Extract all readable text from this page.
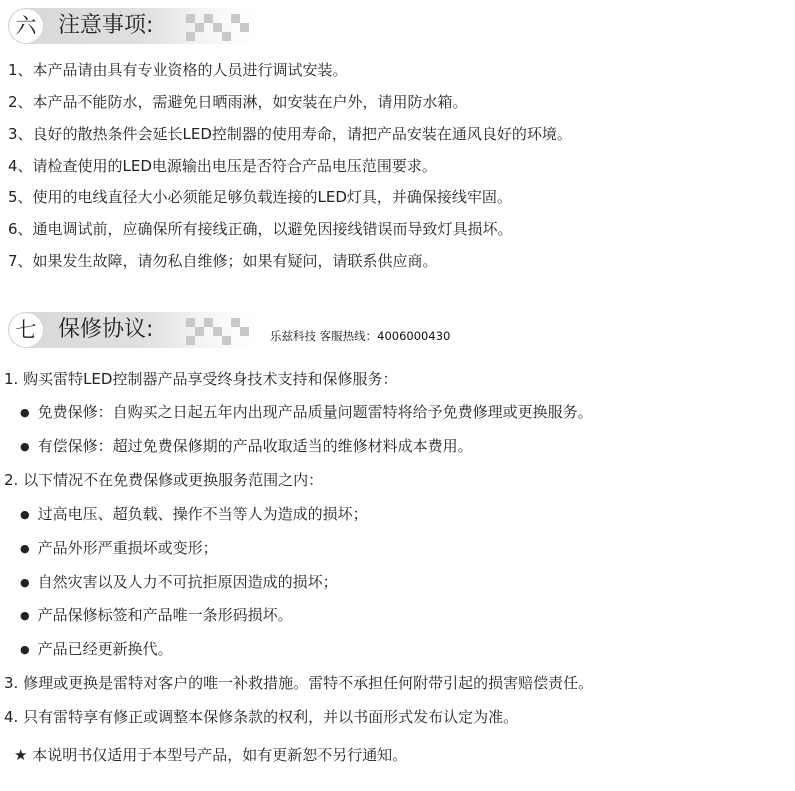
六 注意事项:
1、本产品请由具有专业资格的人员进行调试安装。
2、本产品不能防水，需避免日晒雨淋，如安装在户外，请用防水箱。
3、良好的散热条件会延长LED控制器的使用寿命，请把产品安装在通风良好的环境。
4、请检查使用的LED电源输出电压是否符合产品电压范围要求。
5、使用的电线直径大小必须能足够负载连接的LED灯具，并确保接线牢固。
6、通电调试前，应确保所有接线正确，以避免因接线错误而导致灯具损坏。
7、如果发生故障，请勿私自维修；如果有疑问，请联系供应商。
七 保修协议:	乐兹科技 客服热线：4006000430
1. 购买雷特LED控制器产品享受终身技术支持和保修服务：
● 免费保修：自购买之日起五年内出现产品质量问题雷特将给予免费修理或更换服务。
● 有偿保修：超过免费保修期的产品收取适当的维修材料成本费用。
2. 以下情况不在免费保修或更换服务范围之内：
● 过高电压、超负载、操作不当等人为造成的损坏；
● 产品外形严重损坏或变形；
● 自然灾害以及人力不可抗拒原因造成的损坏；
● 产品保修标签和产品唯一条形码损坏。
● 产品已经更新换代。
3. 修理或更换是雷特对客户的唯一补救措施。雷特不承担任何附带引起的损害赔偿责任。
4. 只有雷特享有修正或调整本保修条款的权利，并以书面形式发布认定为准。
★ 本说明书仅适用于本型号产品，如有更新恕不另行通知。
